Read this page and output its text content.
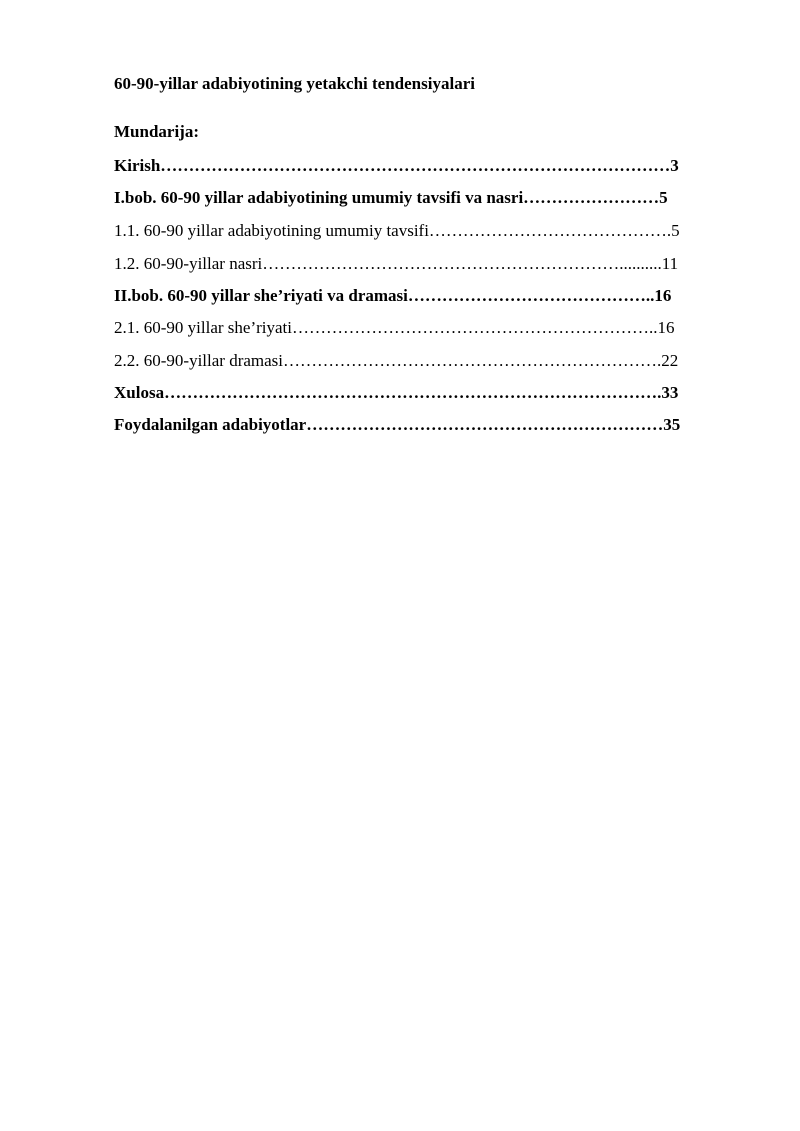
60-90-yillar adabiyotining yetakchi tendensiyalari
Mundarija:
Kirish………………………………………………………………………………3
I.bob. 60-90 yillar adabiyotining umumiy tavsifi va nasri……………………5
1.1. 60-90 yillar adabiyotining umumiy tavsifi…………………………………….5
1.2. 60-90-yillar nasri………………………………………………………..........11
II.bob. 60-90 yillar she’riyati va dramasi……………………………………..16
2.1. 60-90 yillar she’riyati………………………………………………………..16
2.2. 60-90-yillar dramasi………………………………………………………….22
Xulosa…………………………………………………………………………….33
Foydalanilgan adabiyotlar………………………………………………………35
